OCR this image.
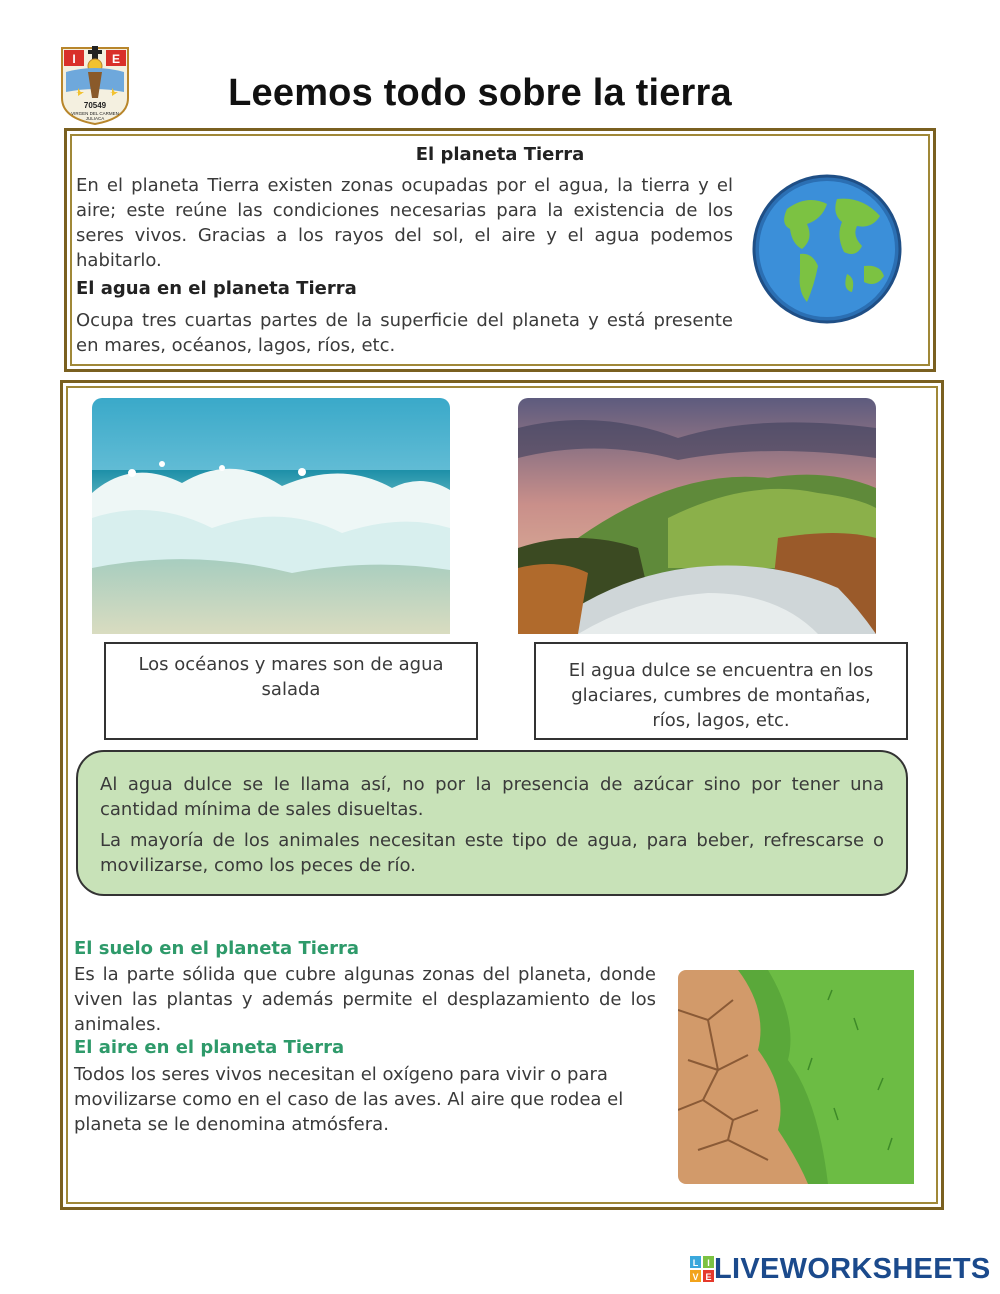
I	E
70549
VIRGEN DEL CARMEN
JULIACA
Leemos todo sobre la tierra
El planeta Tierra

En el planeta Tierra existen zonas ocupadas por el agua, la tierra y el aire; este reúne las condiciones necesarias para la existencia de los seres vivos. Gracias a los rayos del sol, el aire y el agua podemos habitarlo.

El agua en el planeta Tierra

Ocupa tres cuartas partes de la superficie del planeta y está presente en mares, océanos, lagos, ríos, etc.

Los océanos y mares son de agua salada
El agua dulce se encuentra en los glaciares, cumbres de montañas, ríos, lagos, etc.

Al agua dulce se le llama así, no por la presencia de azúcar sino por tener una cantidad mínima de sales disueltas.

La mayoría de los animales necesitan este tipo de agua, para beber, refrescarse o movilizarse, como los peces de río.

El suelo en el planeta Tierra

Es la parte sólida que cubre algunas zonas del planeta, donde viven las plantas y además permite el desplazamiento de los animales.

El aire en el planeta Tierra

Todos los seres vivos necesitan el oxígeno para vivir o para movilizarse como en el caso de las aves. Al aire que rodea el planeta se le denomina atmósfera.

L I
V E LIVEWORKSHEETS
